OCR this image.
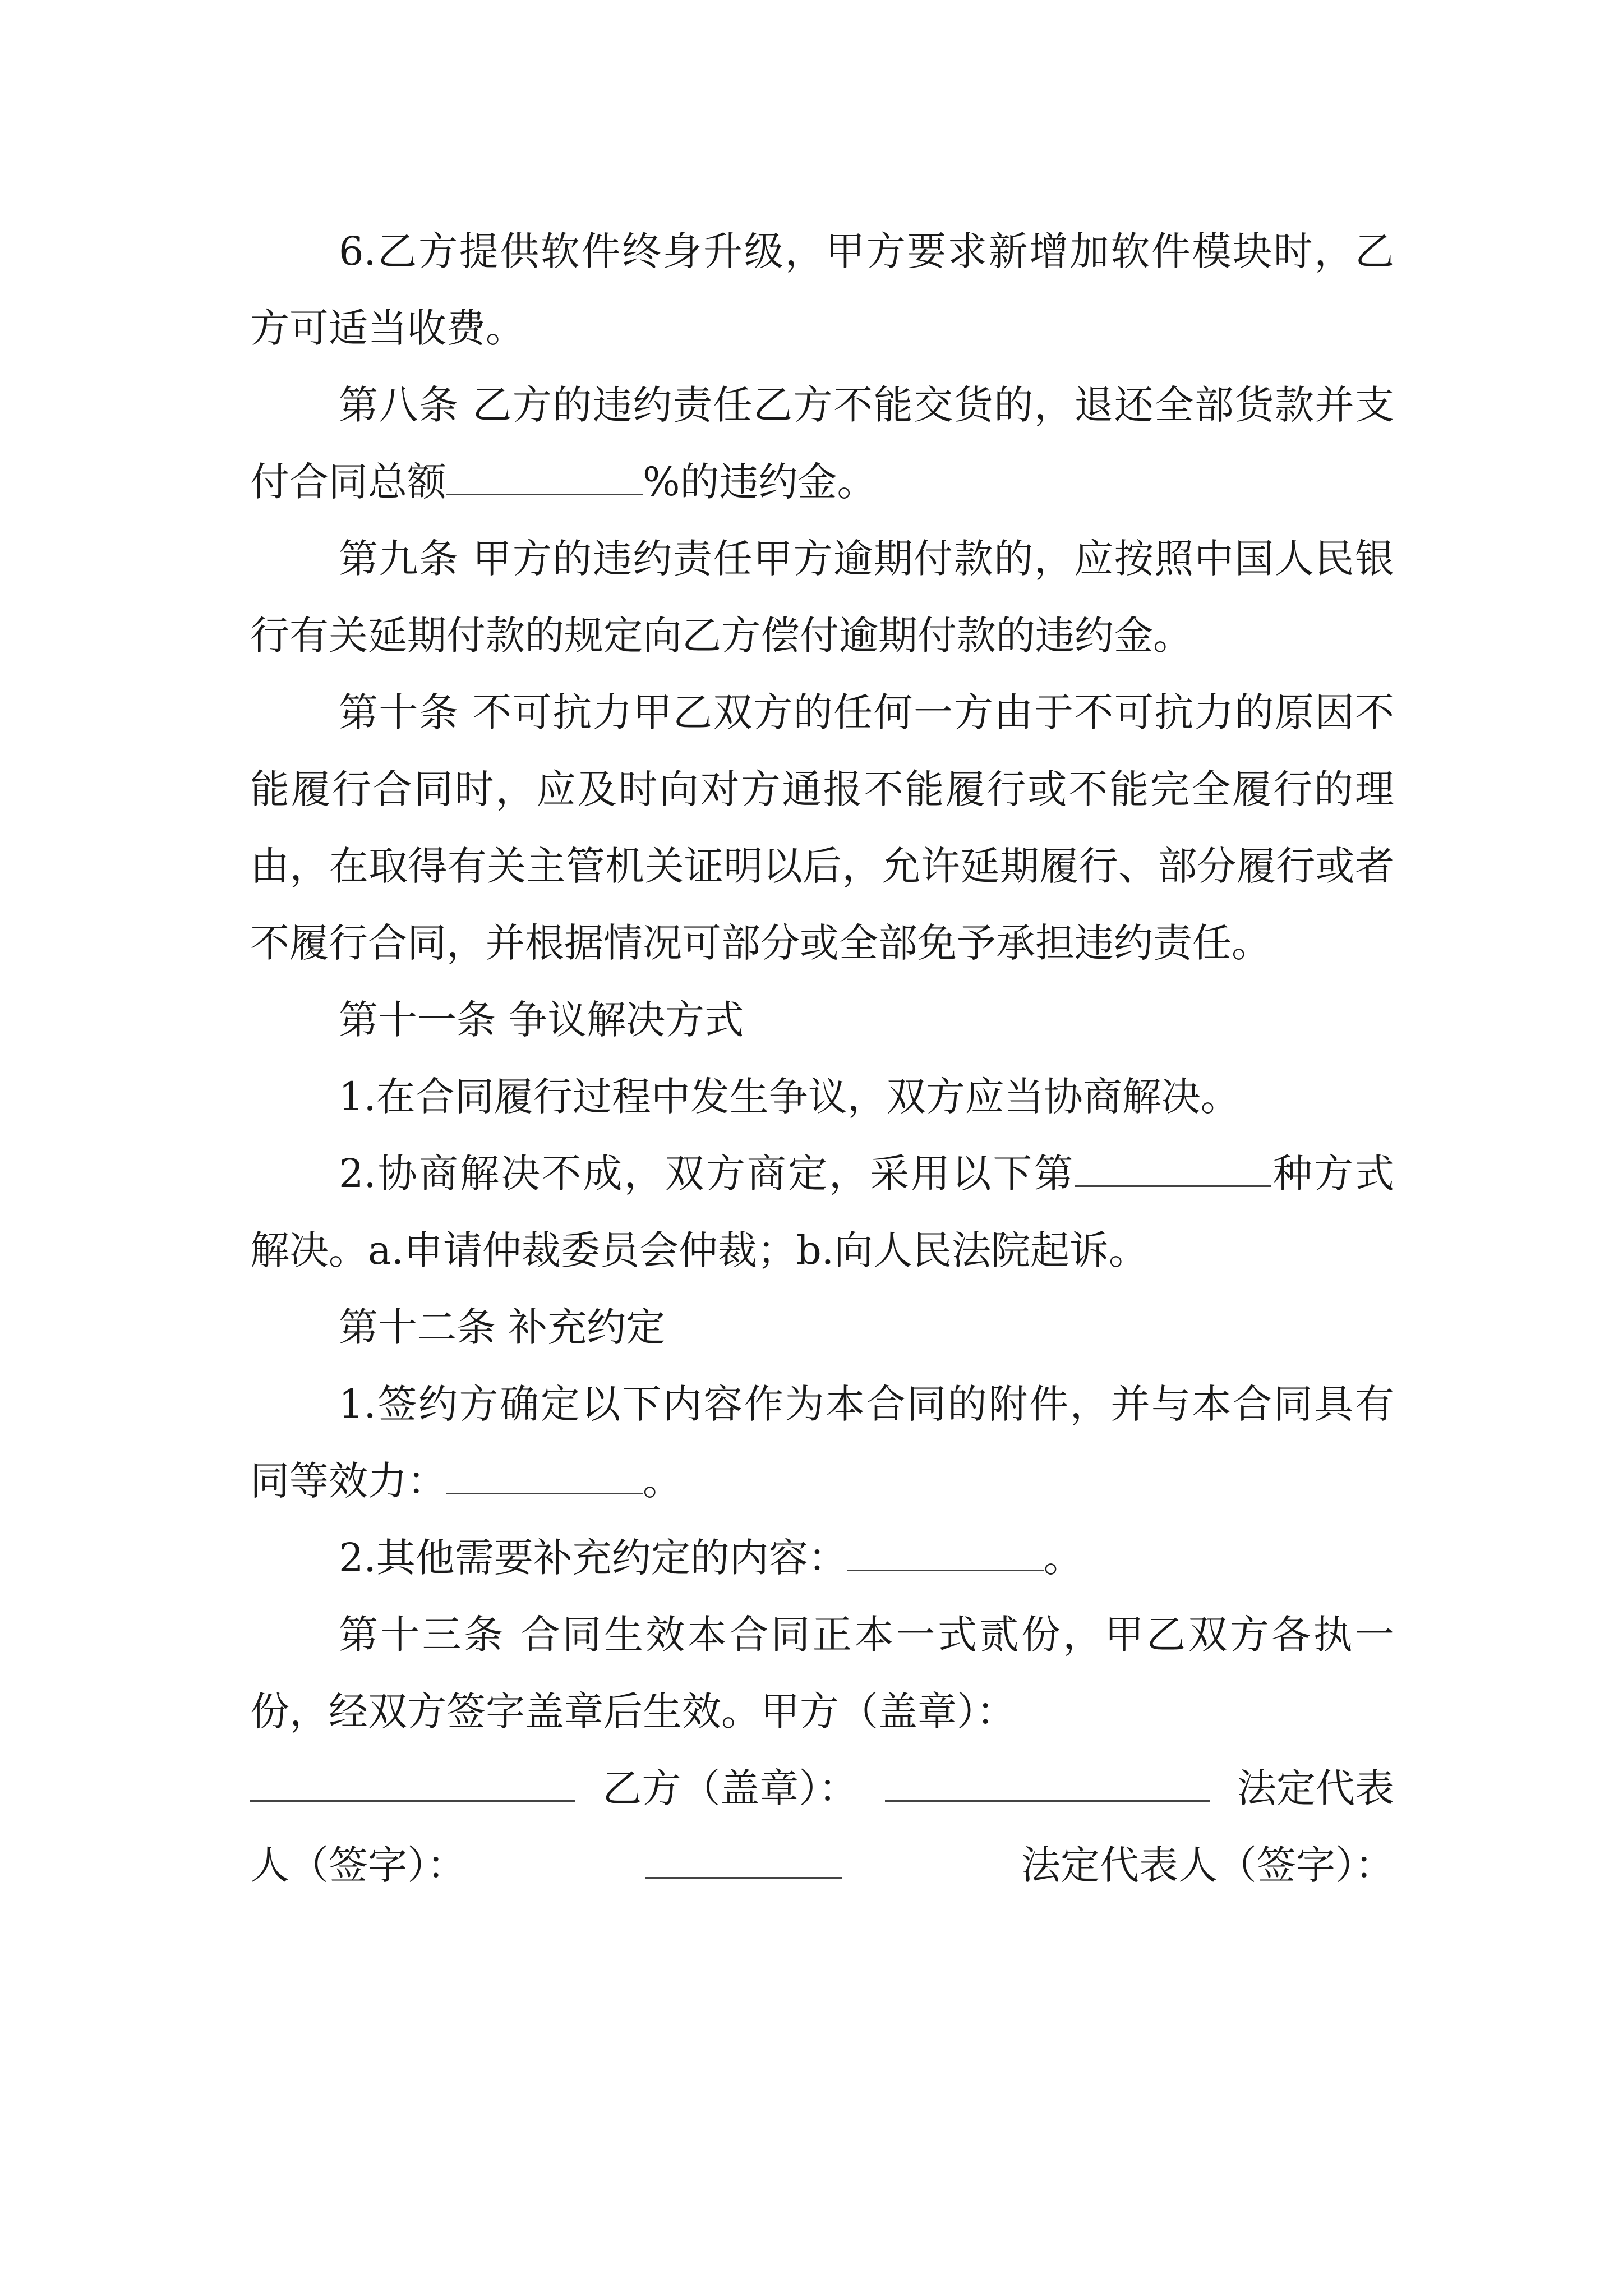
6.乙方提供软件终身升级，甲方要求新增加软件模块时，乙方可适当收费。

第八条 乙方的违约责任乙方不能交货的，退还全部货款并支付合同总额	%的违约金。

第九条 甲方的违约责任甲方逾期付款的，应按照中国人民银行有关延期付款的规定向乙方偿付逾期付款的违约金。

第十条 不可抗力甲乙双方的任何一方由于不可抗力的原因不能履行合同时，应及时向对方通报不能履行或不能完全履行的理由，在取得有关主管机关证明以后，允许延期履行、部分履行或者不履行合同，并根据情况可部分或全部免予承担违约责任。

第十一条 争议解决方式

1.在合同履行过程中发生争议，双方应当协商解决。

2.协商解决不成，双方商定，采用以下第	种方式解决。a.申请仲裁委员会仲裁；b.向人民法院起诉。

第十二条 补充约定

1.签约方确定以下内容作为本合同的附件，并与本合同具有同等效力：	。

2.其他需要补充约定的内容：	。

第十三条 合同生效本合同正本一式贰份，甲乙双方各执一份，经双方签字盖章后生效。甲方（盖章）：

乙方（盖章）：	法定代表
人（签字）：	法定代表人（签字）：
